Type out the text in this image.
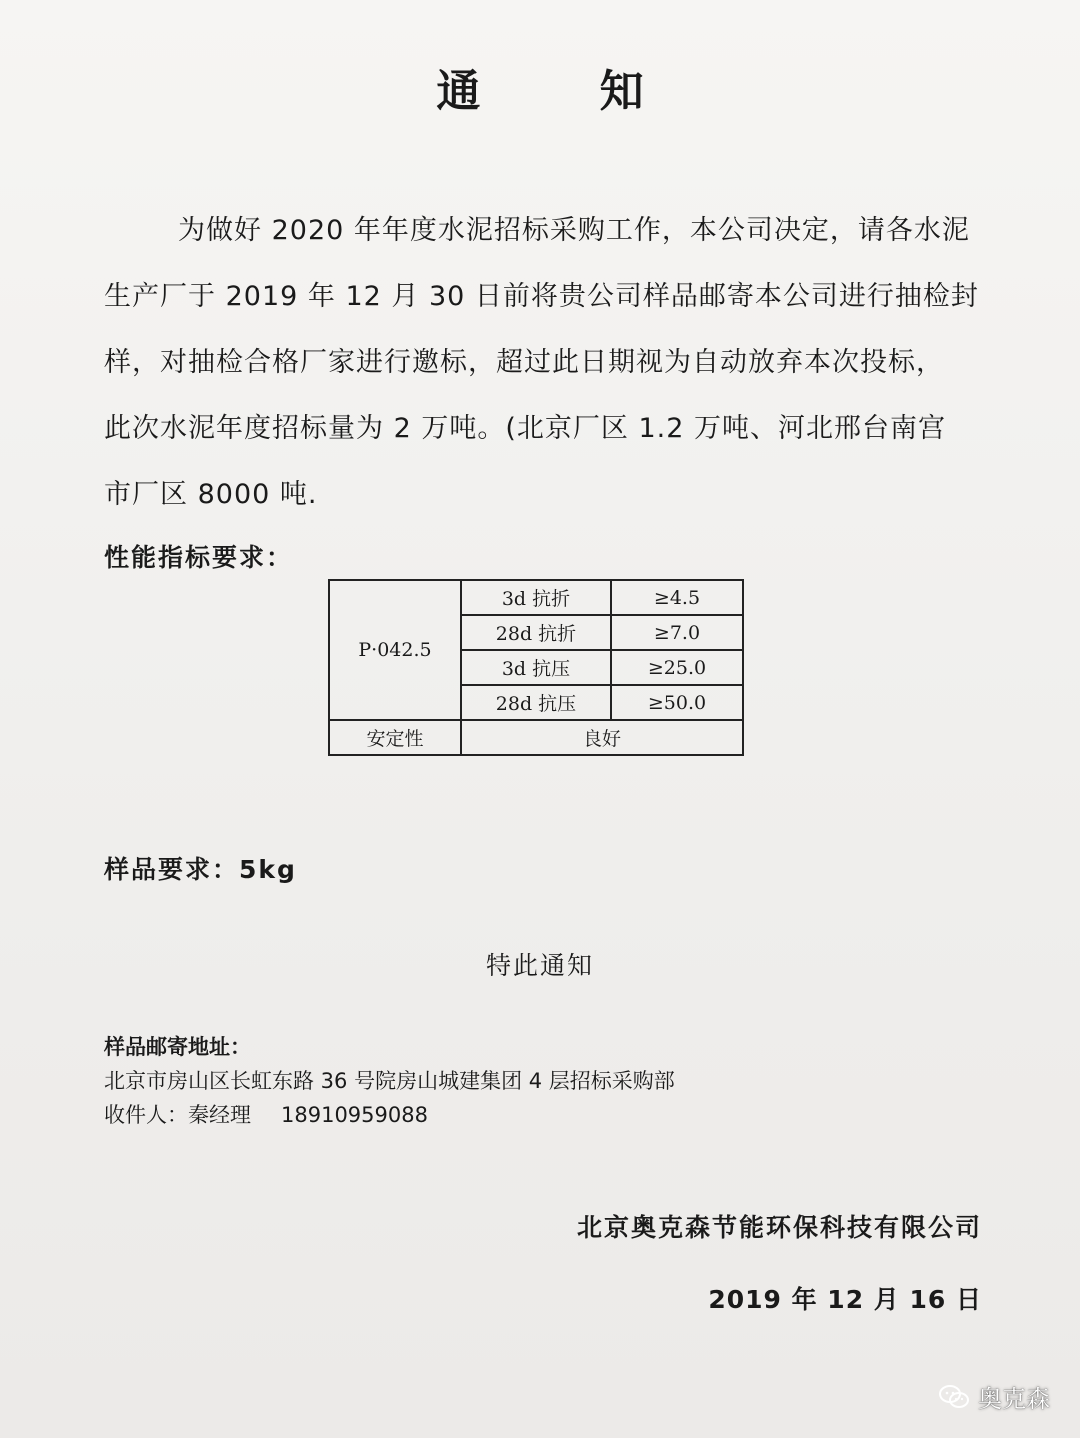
通 知
为做好 2020 年年度水泥招标采购工作，本公司决定，请各水泥
生产厂于 2019 年 12 月 30 日前将贵公司样品邮寄本公司进行抽检封
样，对抽检合格厂家进行邀标，超过此日期视为自动放弃本次投标，
此次水泥年度招标量为 2 万吨。(北京厂区 1.2 万吨、河北邢台南宫
市厂区 8000 吨.
性能指标要求：
P·042.5	3d 抗折	≥4.5
	28d 抗折	≥7.0
	3d 抗压	≥25.0
	28d 抗压	≥50.0
安定性	良好	
样品要求：5kg
特此通知
样品邮寄地址：
北京市房山区长虹东路 36 号院房山城建集团 4 层招标采购部
收件人：秦经理 18910959088
北京奥克森节能环保科技有限公司
2019 年 12 月 16 日
奥克森
